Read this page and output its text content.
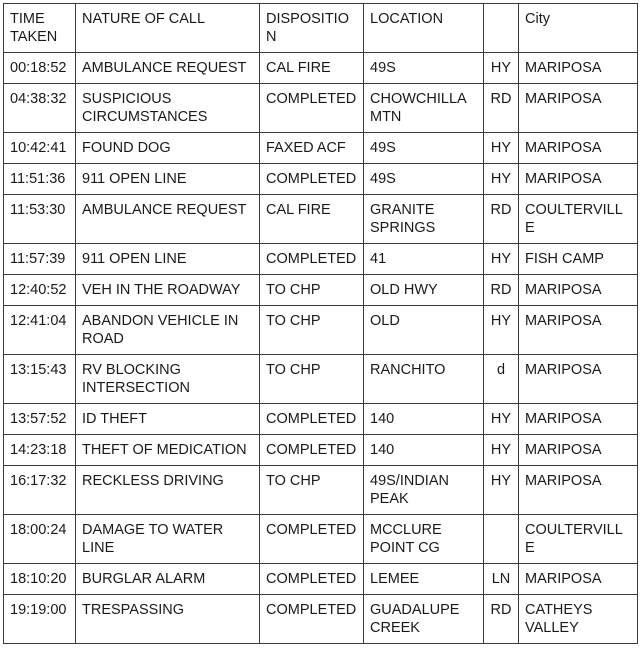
TIME TAKEN	NATURE OF CALL	DISPOSITION	LOCATION		City
00:18:52	AMBULANCE REQUEST	CAL FIRE	49S	HY	MARIPOSA
04:38:32	SUSPICIOUS CIRCUMSTANCES	COMPLETED	CHOWCHILLA MTN	RD	MARIPOSA
10:42:41	FOUND DOG	FAXED ACF	49S	HY	MARIPOSA
11:51:36	911 OPEN LINE	COMPLETED	49S	HY	MARIPOSA
11:53:30	AMBULANCE REQUEST	CAL FIRE	GRANITE SPRINGS	RD	COULTERVILLE
11:57:39	911 OPEN LINE	COMPLETED	41	HY	FISH CAMP
12:40:52	VEH IN THE ROADWAY	TO CHP	OLD HWY	RD	MARIPOSA
12:41:04	ABANDON VEHICLE IN ROAD	TO CHP	OLD	HY	MARIPOSA
13:15:43	RV BLOCKING INTERSECTION	TO CHP	RANCHITO	d	MARIPOSA
13:57:52	ID THEFT	COMPLETED	140	HY	MARIPOSA
14:23:18	THEFT OF MEDICATION	COMPLETED	140	HY	MARIPOSA
16:17:32	RECKLESS DRIVING	TO CHP	49S/INDIAN PEAK	HY	MARIPOSA
18:00:24	DAMAGE TO WATER LINE	COMPLETED	MCCLURE POINT CG		COULTERVILLE
18:10:20	BURGLAR ALARM	COMPLETED	LEMEE	LN	MARIPOSA
19:19:00	TRESPASSING	COMPLETED	GUADALUPE CREEK	RD	CATHEYS VALLEY
